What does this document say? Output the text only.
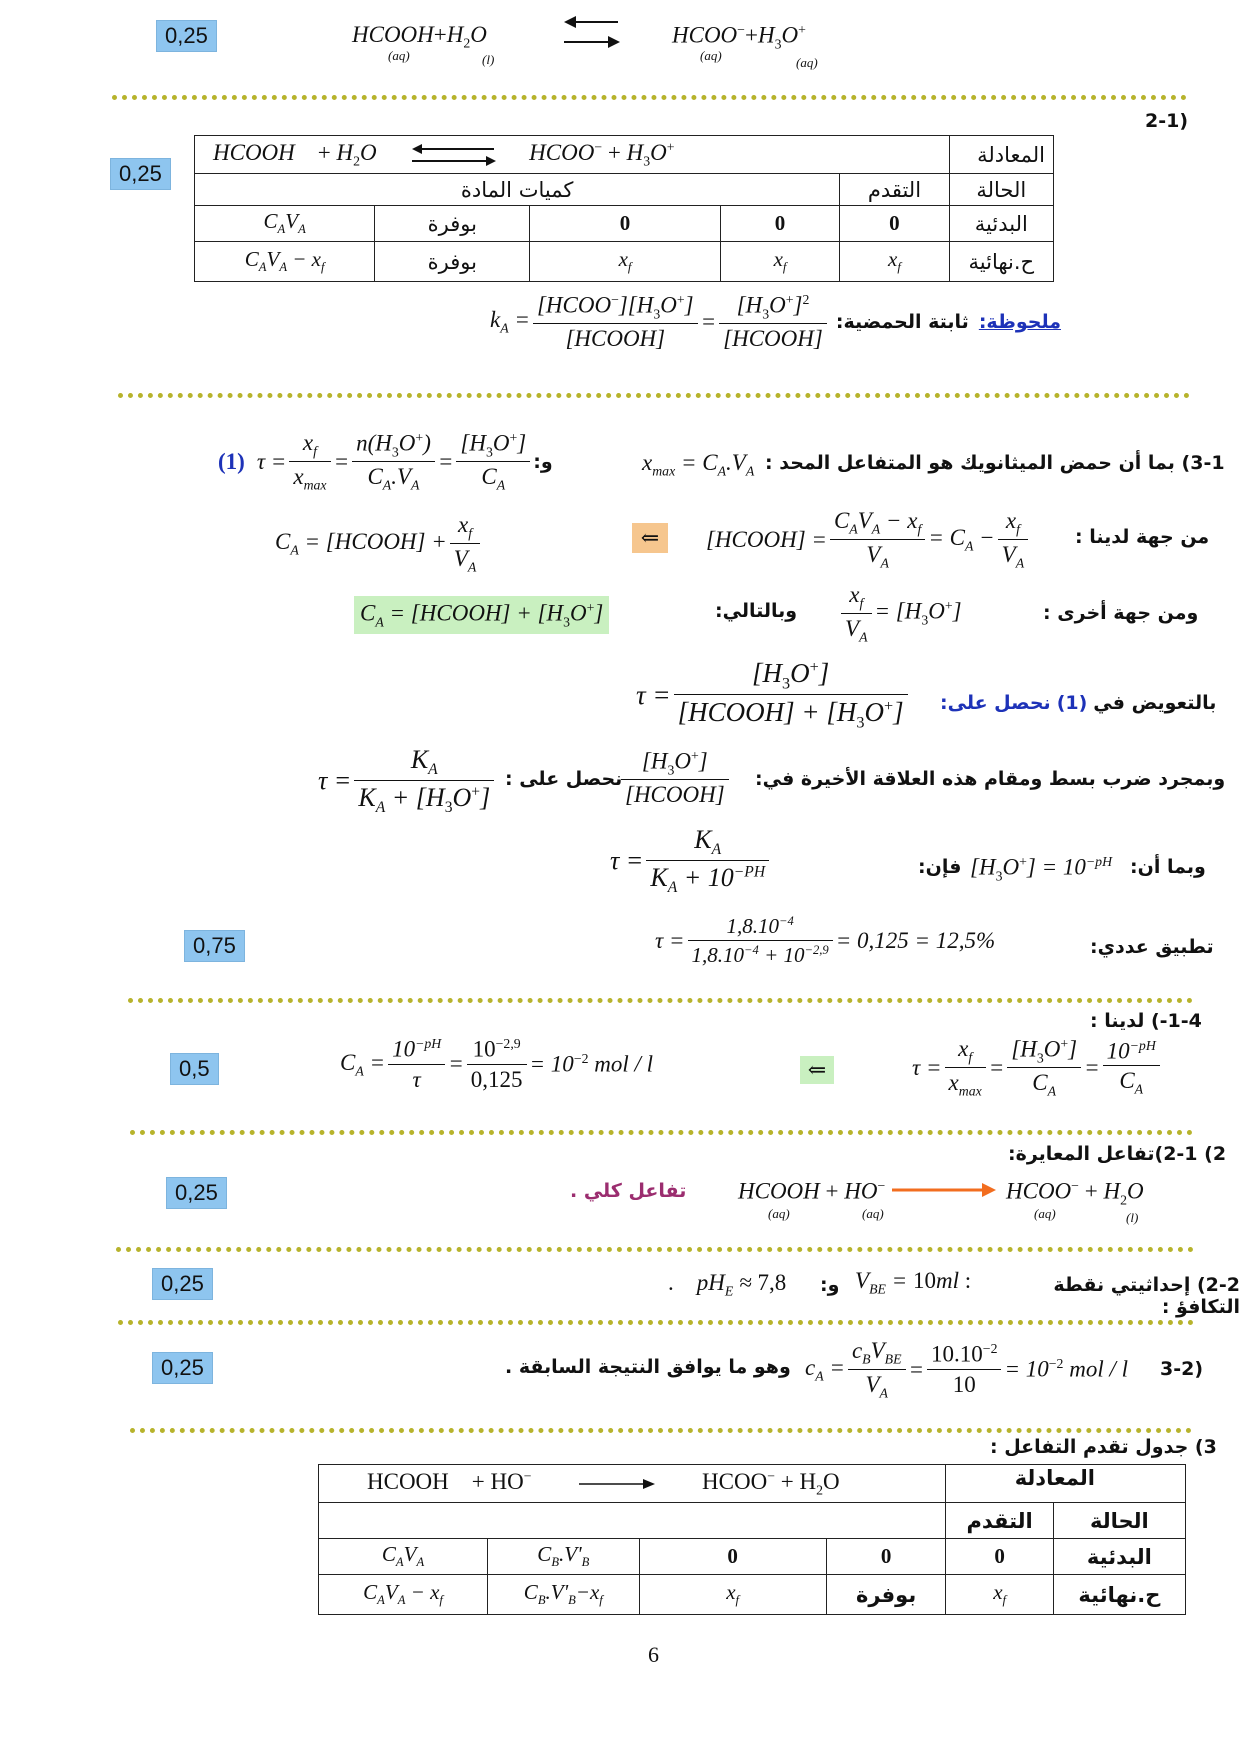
0,25	$HCOOH+H_2O$
(aq)	(l)
$HCOO^-+H_3O^+$
(aq)	(aq)
(2-1
0,25
HCOOH    + $H_2O$ HCOO− + $H_3O^+$					المعادلة
كميات المادة				التقدم	الحالة
$C_AV_A$	بوفرة	0	0	0	البدئية
$C_AV_A - x_f$	بوفرة	$x_f$	$x_f$	$x_f$	ح.نهائية
$k_A = \frac{[HCOO^-][H_3O^+]}{\text{[HCOOH]}} = \frac{[H_3O^+]^2}{\text{[HCOOH]}}$ ثابتة الحمضية: ملحوظة:
(1) $\tau = \frac{x_f}{x_{max}} = \frac{n(H_3O^+)}{C_A.V_A} = \frac{[H_3O^+]}{C_A}$ و:	$x_{max} = C_A.V_A$ 3-1) بما أن حمض الميثانويك هو المتفاعل المحد :
$C_A$ = [HCOOH] + $\frac{x_f}{V_A}$	⇐	[HCOOH] = $\frac{C_AV_A - x_f}{V_A} = C_A - \frac{x_f}{V_A}$ من جهة لدينا :
$C_A$ = [HCOOH] + $[H_3O^+]$	وبالتالي: $\frac{x_f}{V_A} = [H_3O^+]$	ومن جهة أخرى :
$\tau = \frac{[H_3O^+]}{[HCOOH] + [H_3O^+]}$	بالتعويض في
(1)
نحصل على:
$\tau = \frac{K_A}{K_A + [H_3O^+]}$ نحصل على :
$\frac{[H_3O^+]}{\text{[HCOOH]}}$ وبمجرد ضرب بسط ومقام هذه العلاقة الأخيرة في:
$\tau = \frac{K_A}{K_A + 10^{-PH}}$	فإن: $[H_3O^+] = 10^{-pH}$ وبما أن:
0,75	$\tau = \frac{1,8.10^{-4}}{1,8.10^{-4} + 10^{-2,9}} = 0,125 = 12,5\%$	تطبيق عددي:
1-4-) لدينا :
0,5	$C_A = \frac{10^{-pH}}{\tau} = \frac{10^{-2,9}}{0,125} = 10^{-2}$ mol / l	⇐	$\tau = \frac{x_f}{x_{max}} = \frac{[H_3O^+]}{C_A} = \frac{10^{-pH}}{C_A}$
2) 2-1)تفاعل المعايرة:
0,25	تفاعل كلي . HCOOH + HO−
(aq)	(aq)
HCOO− + $H_2O$
(aq)	(l)
0,25	.    $pH_E \approx 7,8$ و: $V_{BE} = 10ml$ :	2-2) إحداثيتي نقطة التكافؤ :
0,25	وهو ما يوافق النتيجة السابقة . $c_A = \frac{c_BV_{BE}}{V_A} = \frac{10.10^{-2}}{10} = 10^{-2}$ mol / l (3-2
3) جدول تقدم التفاعل :
HCOOH    + HO− HCOO− + $H_2O$				المعادلة	
				التقدم	الحالة
$C_AV_A$	$C_B.V'_B$	0	0	0	البدئية
$C_AV_A - x_f$	$C_B.V'_B-x_f$	$x_f$	بوفرة	$x_f$	ح.نهائية
6
